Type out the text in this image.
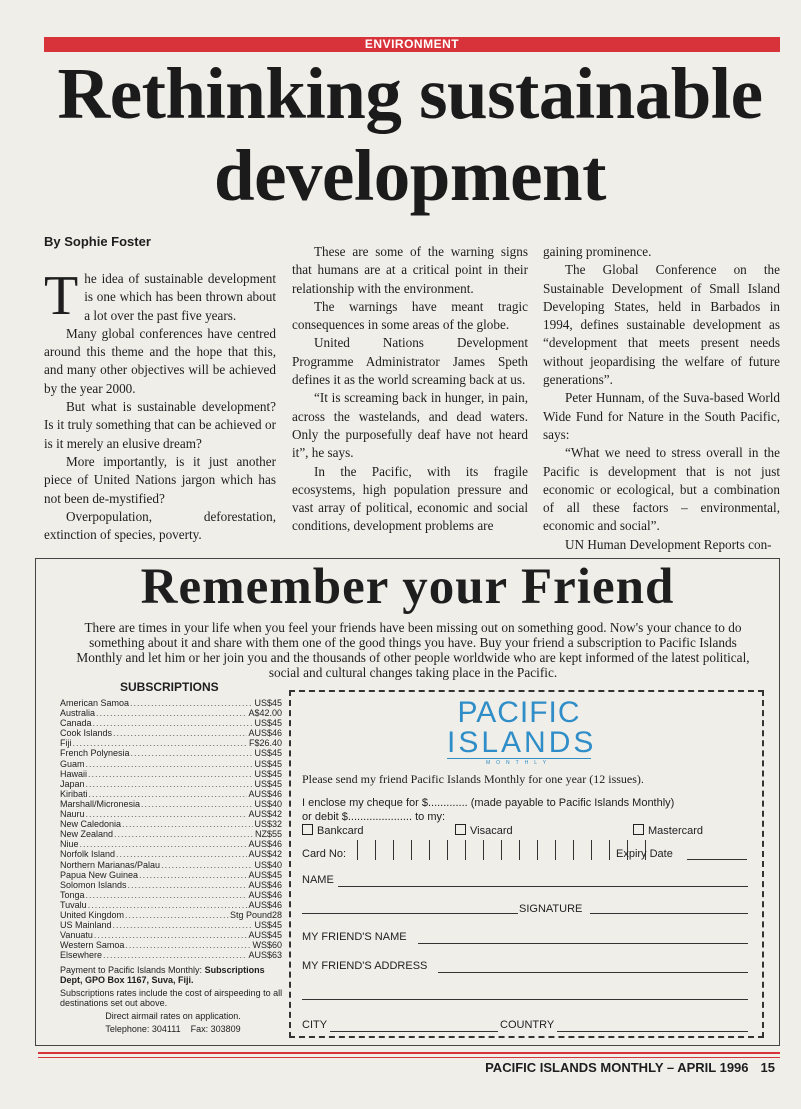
ENVIRONMENT
Rethinking sustainable
development
By Sophie Foster

The idea of sustainable development is one which has been thrown about a lot over the past five years.

Many global conferences have centred around this theme and the hope that this, and many other objectives will be achieved by the year 2000.

But what is sustainable development? Is it truly something that can be achieved or is it merely an elusive dream?

More importantly, is it just another piece of United Nations jargon which has not been de-mystified?

Overpopulation, deforestation, extinction of species, poverty.

These are some of the warning signs that humans are at a critical point in their relationship with the environment.

The warnings have meant tragic consequences in some areas of the globe.

United Nations Development Programme Administrator James Speth defines it as the world screaming back at us.

“It is screaming back in hunger, in pain, across the wastelands, and dead waters. Only the purposefully deaf have not heard it”, he says.

In the Pacific, with its fragile ecosystems, high population pressure and vast array of political, economic and social conditions, development problems are

gaining prominence.

The Global Conference on the Sustainable Development of Small Island Developing States, held in Barbados in 1994, defines sustainable development as “development that meets present needs without jeopardising the welfare of future generations”.

Peter Hunnam, of the Suva-based World Wide Fund for Nature in the South Pacific, says:

“What we need to stress overall in the Pacific is development that is not just economic or ecological, but a combination of all these factors – environmental, economic and social”.

UN Human Development Reports con-

Remember your Friend
There are times in your life when you feel your friends have been missing out on something good. Now's your chance to do something about it and share with them one of the good things you have. Buy your friend a subscription to Pacific Islands Monthly and let him or her join you and the thousands of other people worldwide who are kept informed of the latest political, social and cultural changes taking place in the Pacific.
SUBSCRIPTIONS
American Samoa .....	US$45
Australia .....	A$42.00
Canada .....	US$45
Cook Islands .....	AUS$46
Fiji .....	F$26.40
French Polynesia .....	US$45
Guam .....	US$45
Hawaii .....	US$45
Japan .....	US$45
Kiribati .....	AUS$46
Marshall/Micronesia .....	US$40
Nauru .....	AUS$42
New Caledonia .....	US$32
New Zealand .....	NZ$55
Niue .....	AUS$46
Norfolk Island .....	AUS$42
Northern Marianas/Palau .....	US$40
Papua New Guinea .....	AUS$45
Solomon Islands .....	AUS$46
Tonga .....	AUS$46
Tuvalu .....	AUS$46
United Kingdom .....	Stg Pound28
US Mainland .....	US$45
Vanuatu .....	AUS$45
Western Samoa .....	WS$60
Elsewhere .....	AUS$63
Payment to Pacific Islands Monthly: Subscriptions Dept, GPO Box 1167, Suva, Fiji.
Subscriptions rates include the cost of airspeeding to all destinations set out above.
Direct airmail rates on application.
Telephone: 304111 Fax: 303809
PACIFIC
ISLANDS
MONTHLY
Please send my friend Pacific Islands Monthly for one year (12 issues).
I enclose my cheque for $............. (made payable to Pacific Islands Monthly)
or debit $..................... to my:
Bankcard	Visacard	Mastercard
Card No:	Expiry Date
NAME
SIGNATURE
MY FRIEND'S NAME
MY FRIEND'S ADDRESS
CITY	COUNTRY
PACIFIC ISLANDS MONTHLY – APRIL 1996 15
